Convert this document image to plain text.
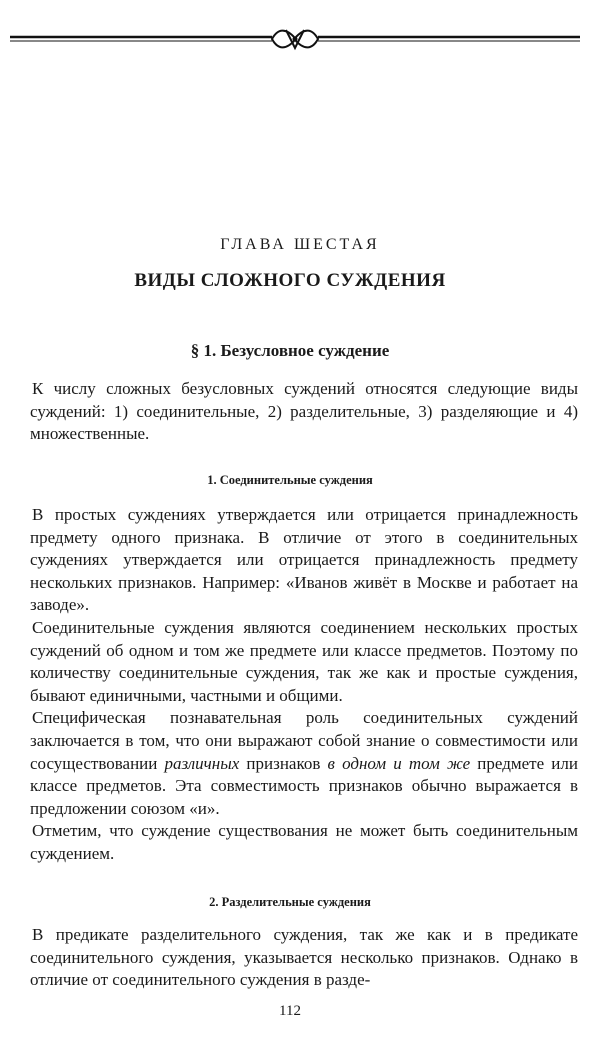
ГЛАВА ШЕСТАЯ
ВИДЫ СЛОЖНОГО СУЖДЕНИЯ
§ 1. Безусловное суждение

К числу сложных безусловных суждений относятся следующие виды суждений: 1) соединительные, 2) разделительные, 3) разделяющие и 4) множественные.

1. Соединительные суждения

В простых суждениях утверждается или отрицается принадлежность предмету одного признака. В отличие от этого в соединительных суждениях утверждается или отрицается принадлежность предмету нескольких признаков. Например: «Иванов живёт в Москве и работает на заводе».

Соединительные суждения являются соединением нескольких простых суждений об одном и том же предмете или классе предметов. Поэтому по количеству соединительные суждения, так же как и простые суждения, бывают единичными, частными и общими.

Специфическая познавательная роль соединительных суждений заключается в том, что они выражают собой знание о совместимости или сосуществовании различных признаков в одном и том же предмете или классе предметов. Эта совместимость признаков обычно выражается в предложении союзом «и».

Отметим, что суждение существования не может быть соединительным суждением.

2. Разделительные суждения

В предикате разделительного суждения, так же как и в предикате соединительного суждения, указывается несколько признаков. Однако в отличие от соединительного суждения в разде-

112
